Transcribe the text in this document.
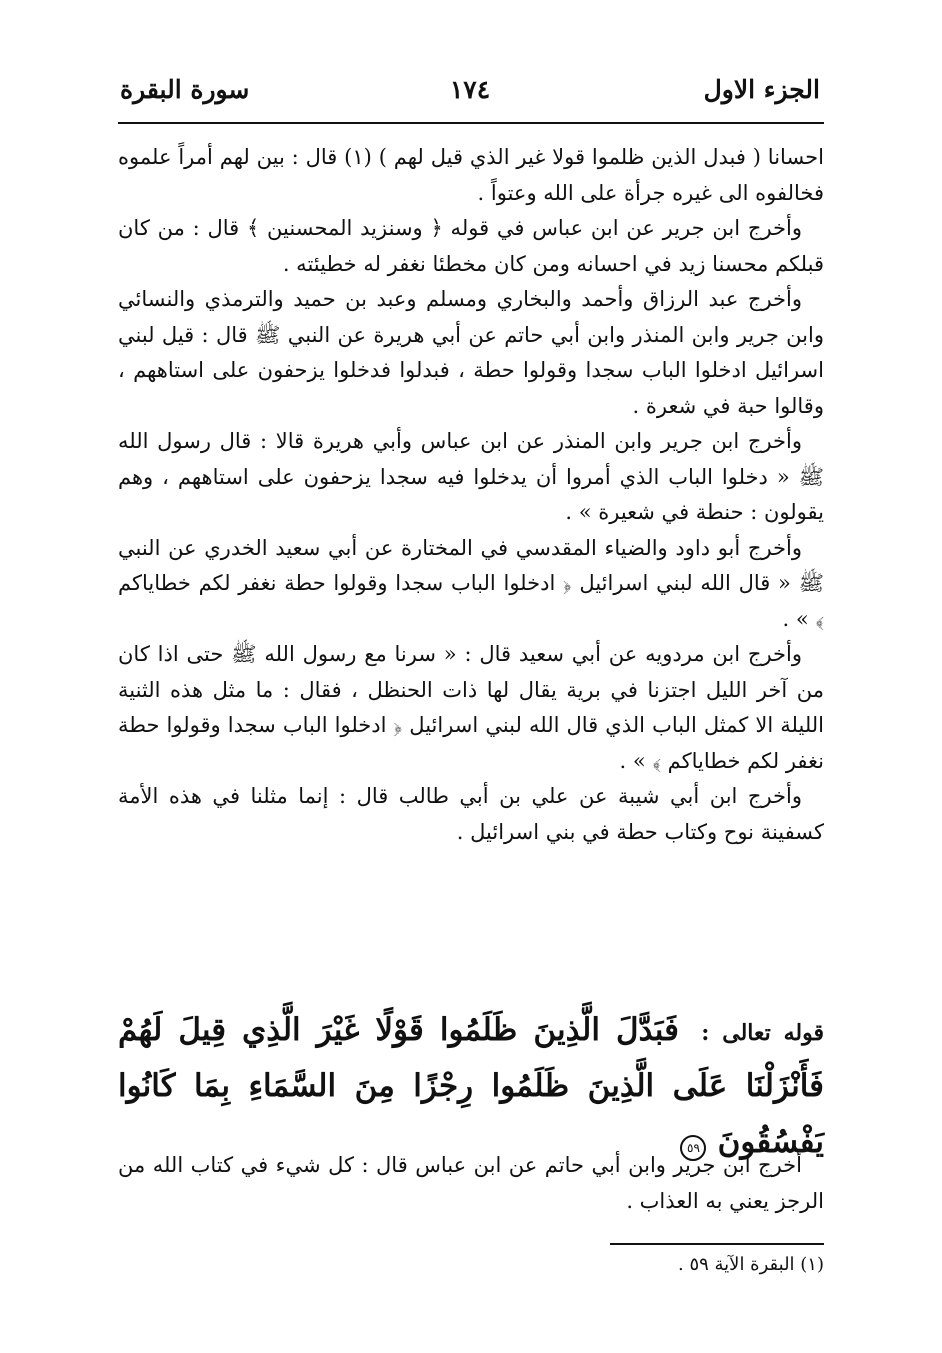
الجزء الاول
١٧٤
سورة البقرة

احسانا ( فبدل الذين ظلموا قولا غير الذي قيل لهم ) (١) قال : بين لهم أمراً علموه فخالفوه الى غيره جرأة على الله وعتواً .

وأخرج ابن جرير عن ابن عباس في قوله ﴿ وسنزيد المحسنين ﴾ قال : من كان قبلكم محسنا زيد في احسانه ومن كان مخطئا نغفر له خطيئته .

وأخرج عبد الرزاق وأحمد والبخاري ومسلم وعبد بن حميد والترمذي والنسائي وابن جرير وابن المنذر وابن أبي حاتم عن أبي هريرة عن النبي ﷺ قال : قيل لبني اسرائيل ادخلوا الباب سجدا وقولوا حطة ، فبدلوا فدخلوا يزحفون على استاههم ، وقالوا حبة في شعرة .

وأخرج ابن جرير وابن المنذر عن ابن عباس وأبي هريرة قالا : قال رسول الله ﷺ « دخلوا الباب الذي أمروا أن يدخلوا فيه سجدا يزحفون على استاههم ، وهم يقولون : حنطة في شعيرة » .

وأخرج أبو داود والضياء المقدسي في المختارة عن أبي سعيد الخدري عن النبي ﷺ « قال الله لبني اسرائيل ﴿ ادخلوا الباب سجدا وقولوا حطة نغفر لكم خطاياكم ﴾ » .

وأخرج ابن مردويه عن أبي سعيد قال : « سرنا مع رسول الله ﷺ حتى اذا كان من آخر الليل اجتزنا في برية يقال لها ذات الحنظل ، فقال : ما مثل هذه الثنية الليلة الا كمثل الباب الذي قال الله لبني اسرائيل ﴿ ادخلوا الباب سجدا وقولوا حطة نغفر لكم خطاياكم ﴾ » .

وأخرج ابن أبي شيبة عن علي بن أبي طالب قال : إنما مثلنا في هذه الأمة كسفينة نوح وكتاب حطة في بني اسرائيل .

قوله تعالى : فَبَدَّلَ الَّذِينَ ظَلَمُوا قَوْلًا غَيْرَ الَّذِي قِيلَ لَهُمْ فَأَنْزَلْنَا عَلَى الَّذِينَ ظَلَمُوا رِجْزًا مِنَ السَّمَاءِ بِمَا كَانُوا يَفْسُقُونَ ٥٩
أخرج ابن جرير وابن أبي حاتم عن ابن عباس قال : كل شيء في كتاب الله من الرجز يعني به العذاب .
(١) البقرة الآية ٥٩ .
